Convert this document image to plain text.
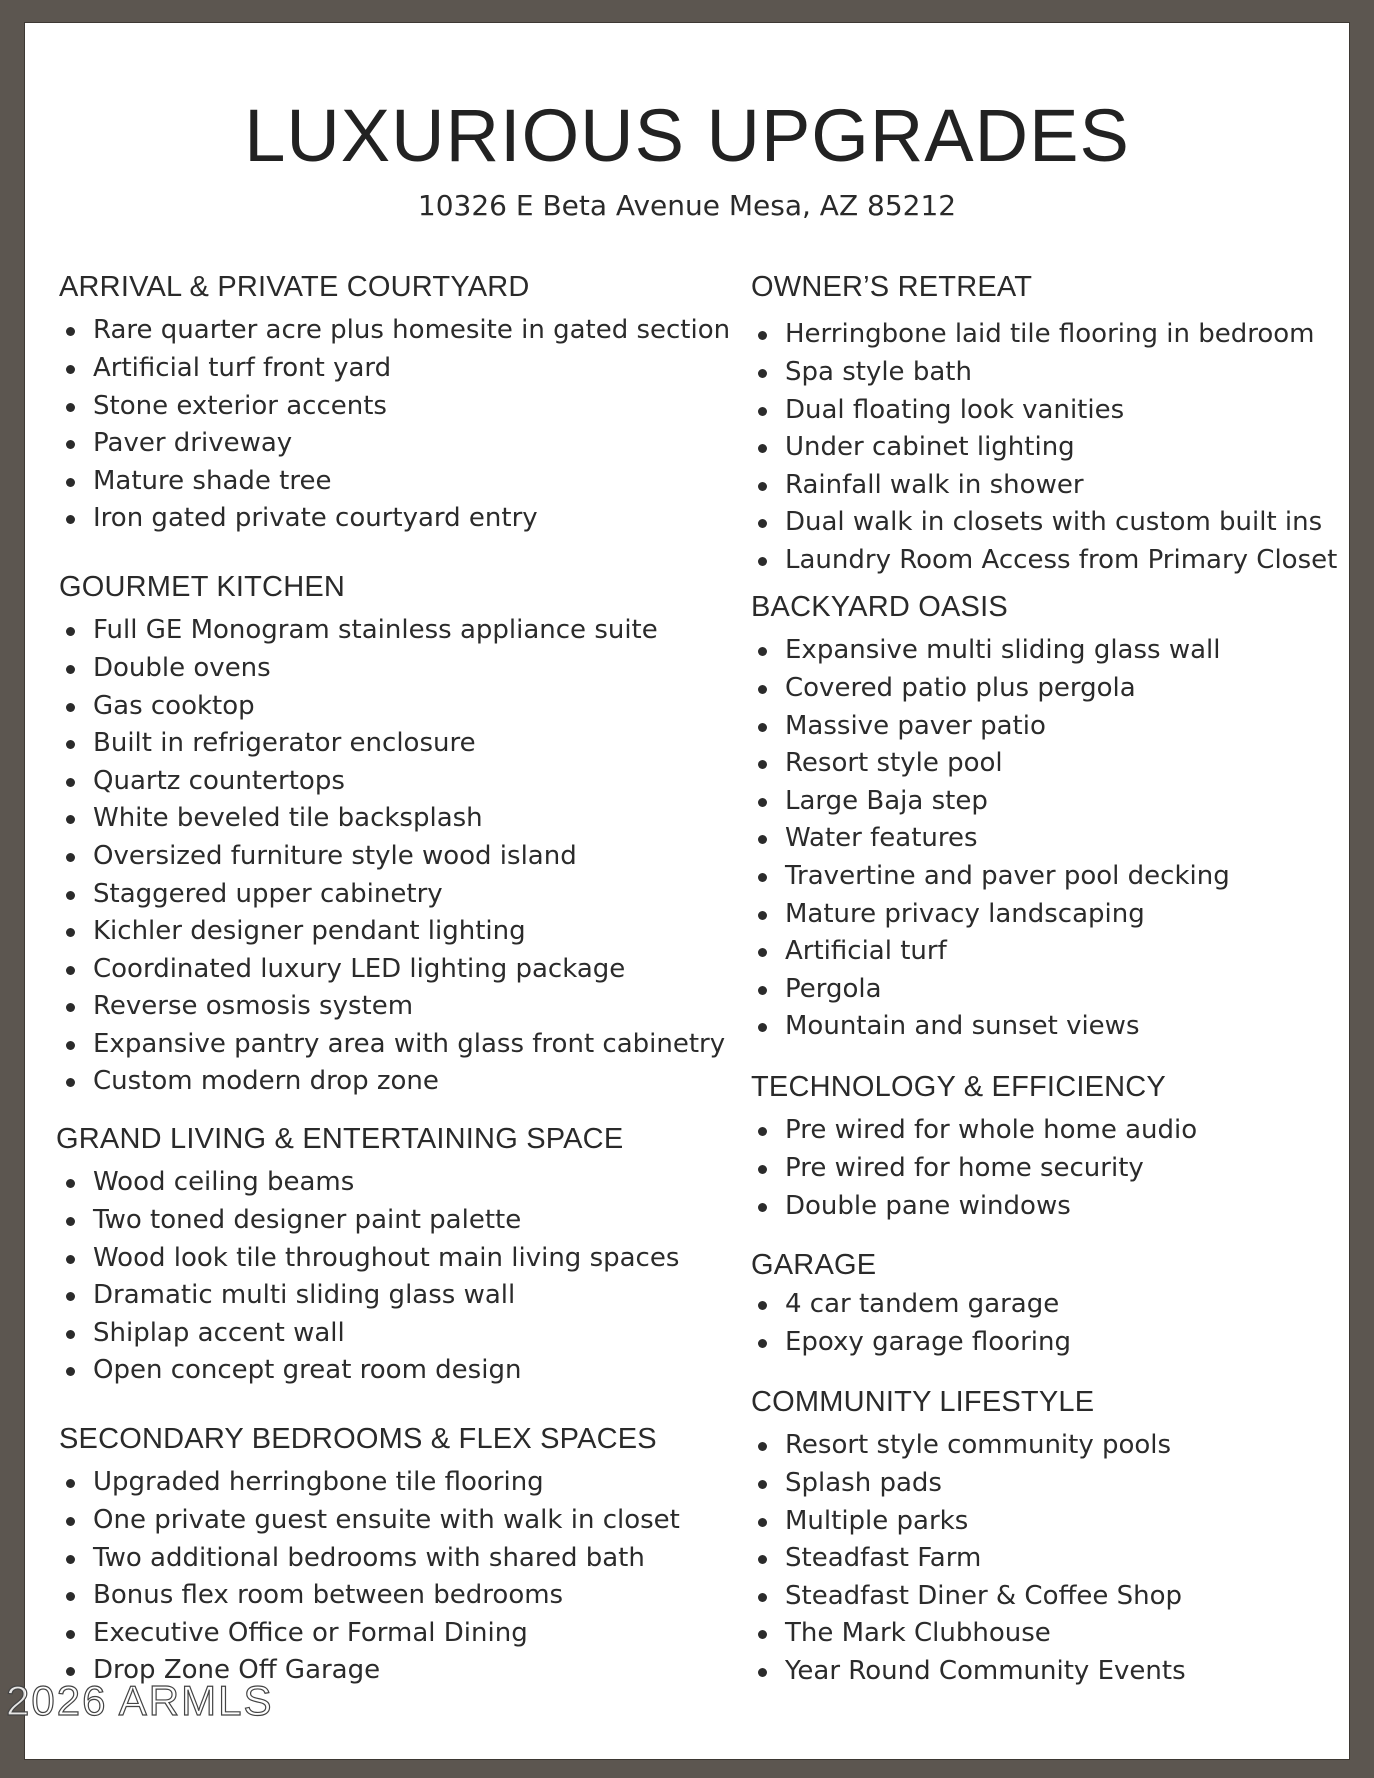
LUXURIOUS UPGRADES
10326 E Beta Avenue Mesa, AZ 85212
ARRIVAL & PRIVATE COURTYARD
Rare quarter acre plus homesite in gated section
Artificial turf front yard
Stone exterior accents
Paver driveway
Mature shade tree
Iron gated private courtyard entry
GOURMET KITCHEN
Full GE Monogram stainless appliance suite
Double ovens
Gas cooktop
Built in refrigerator enclosure
Quartz countertops
White beveled tile backsplash
Oversized furniture style wood island
Staggered upper cabinetry
Kichler designer pendant lighting
Coordinated luxury LED lighting package
Reverse osmosis system
Expansive pantry area with glass front cabinetry
Custom modern drop zone
GRAND LIVING & ENTERTAINING SPACE
Wood ceiling beams
Two toned designer paint palette
Wood look tile throughout main living spaces
Dramatic multi sliding glass wall
Shiplap accent wall
Open concept great room design
SECONDARY BEDROOMS & FLEX SPACES
Upgraded herringbone tile flooring
One private guest ensuite with walk in closet
Two additional bedrooms with shared bath
Bonus flex room between bedrooms
Executive Office or Formal Dining
Drop Zone Off Garage
OWNER’S RETREAT
Herringbone laid tile flooring in bedroom
Spa style bath
Dual floating look vanities
Under cabinet lighting
Rainfall walk in shower
Dual walk in closets with custom built ins
Laundry Room Access from Primary Closet
BACKYARD OASIS
Expansive multi sliding glass wall
Covered patio plus pergola
Massive paver patio
Resort style pool
Large Baja step
Water features
Travertine and paver pool decking
Mature privacy landscaping
Artificial turf
Pergola
Mountain and sunset views
TECHNOLOGY & EFFICIENCY
Pre wired for whole home audio
Pre wired for home security
Double pane windows
GARAGE
4 car tandem garage
Epoxy garage flooring
COMMUNITY LIFESTYLE
Resort style community pools
Splash pads
Multiple parks
Steadfast Farm
Steadfast Diner & Coffee Shop
The Mark Clubhouse
Year Round Community Events
2026 ARMLS
